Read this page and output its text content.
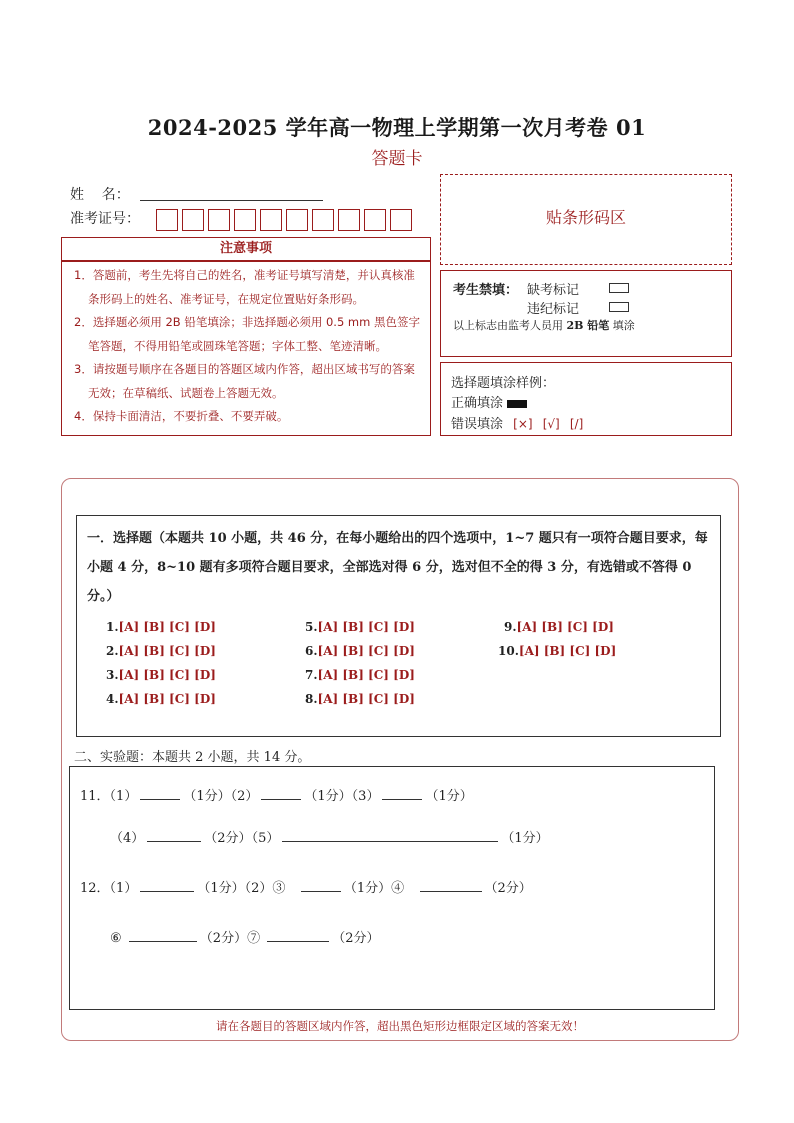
2024-2025 学年高一物理上学期第一次月考卷 01
答题卡
姓    名：
准考证号：	贴条形码区
注意事项
1．答题前，考生先将自己的姓名，准考证号填写清楚，并认真核准条形码上的姓名、准考证号，在规定位置贴好条形码。
2．选择题必须用 2B 铅笔填涂；非选择题必须用 0.5 mm 黑色签字笔答题，不得用铅笔或圆珠笔答题；字体工整、笔迹清晰。
3．请按题号顺序在各题目的答题区域内作答，超出区域书写的答案无效；在草稿纸、试题卷上答题无效。
4．保持卡面清洁，不要折叠、不要弄破。
考生禁填： 缺考标记
违纪标记
以上标志由监考人员用 2B 铅笔 填涂
选择题填涂样例：
正确填涂
错误填涂 [×] [√] [/]
一．选择题（本题共 10 小题，共 46 分，在每小题给出的四个选项中，1~7 题只有一项符合题目要求，每小题 4 分，8~10 题有多项符合题目要求，全部选对得 6 分，选对但不全的得 3 分，有选错或不答得 0 分。）
1.[A] [B] [C] [D]
2.[A] [B] [C] [D]
3.[A] [B] [C] [D]
4.[A] [B] [C] [D]
5.[A] [B] [C] [D]
6.[A] [B] [C] [D]
7.[A] [B] [C] [D]
8.[A] [B] [C] [D]
9.[A] [B] [C] [D]
10.[A] [B] [C] [D]
二、实验题：本题共 2 小题，共 14 分。
11．（1）	（1分）（2）	（1分）（3）	（1分）
（4）	（2分）（5）	（1分）
12．（1）	（1分）（2）③	（1分）④	（2分）
⑥	（2分）⑦	（2分）
请在各题目的答题区域内作答，超出黑色矩形边框限定区域的答案无效！
